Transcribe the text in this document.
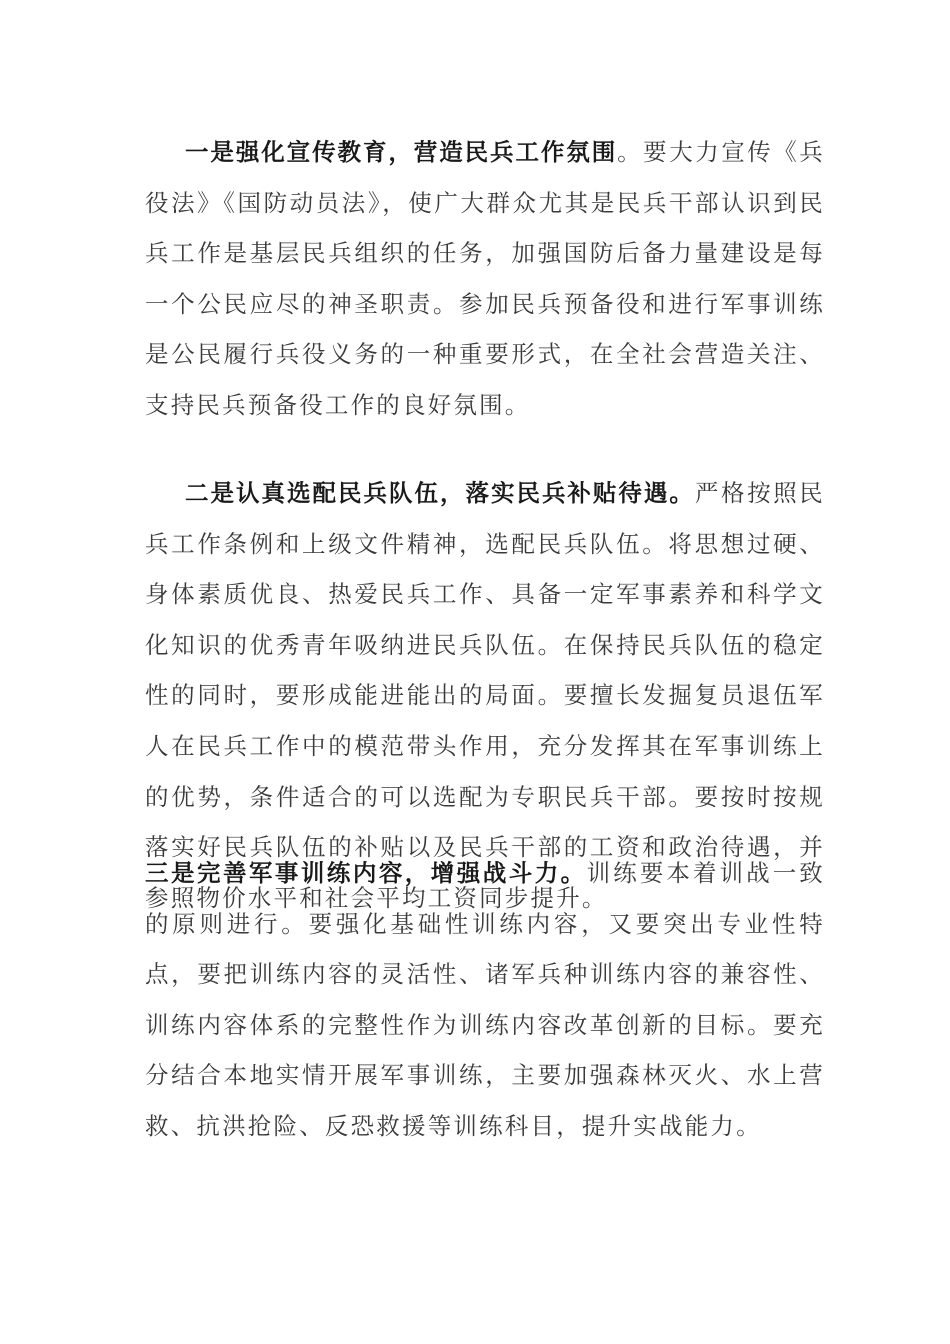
一是强化宣传教育，营造民兵工作氛围。要大力宣传《兵役法》《国防动员法》，使广大群众尤其是民兵干部认识到民兵工作是基层民兵组织的任务，加强国防后备力量建设是每一个公民应尽的神圣职责。参加民兵预备役和进行军事训练是公民履行兵役义务的一种重要形式，在全社会营造关注、支持民兵预备役工作的良好氛围。

二是认真选配民兵队伍，落实民兵补贴待遇。严格按照民兵工作条例和上级文件精神，选配民兵队伍。将思想过硬、身体素质优良、热爱民兵工作、具备一定军事素养和科学文化知识的优秀青年吸纳进民兵队伍。在保持民兵队伍的稳定性的同时，要形成能进能出的局面。要擅长发掘复员退伍军人在民兵工作中的模范带头作用，充分发挥其在军事训练上的优势，条件适合的可以选配为专职民兵干部。要按时按规落实好民兵队伍的补贴以及民兵干部的工资和政治待遇，并参照物价水平和社会平均工资同步提升。

三是完善军事训练内容，增强战斗力。训练要本着训战一致的原则进行。要强化基础性训练内容，又要突出专业性特点，要把训练内容的灵活性、诸军兵种训练内容的兼容性、训练内容体系的完整性作为训练内容改革创新的目标。要充分结合本地实情开展军事训练，主要加强森林灭火、水上营救、抗洪抢险、反恐救援等训练科目，提升实战能力。
